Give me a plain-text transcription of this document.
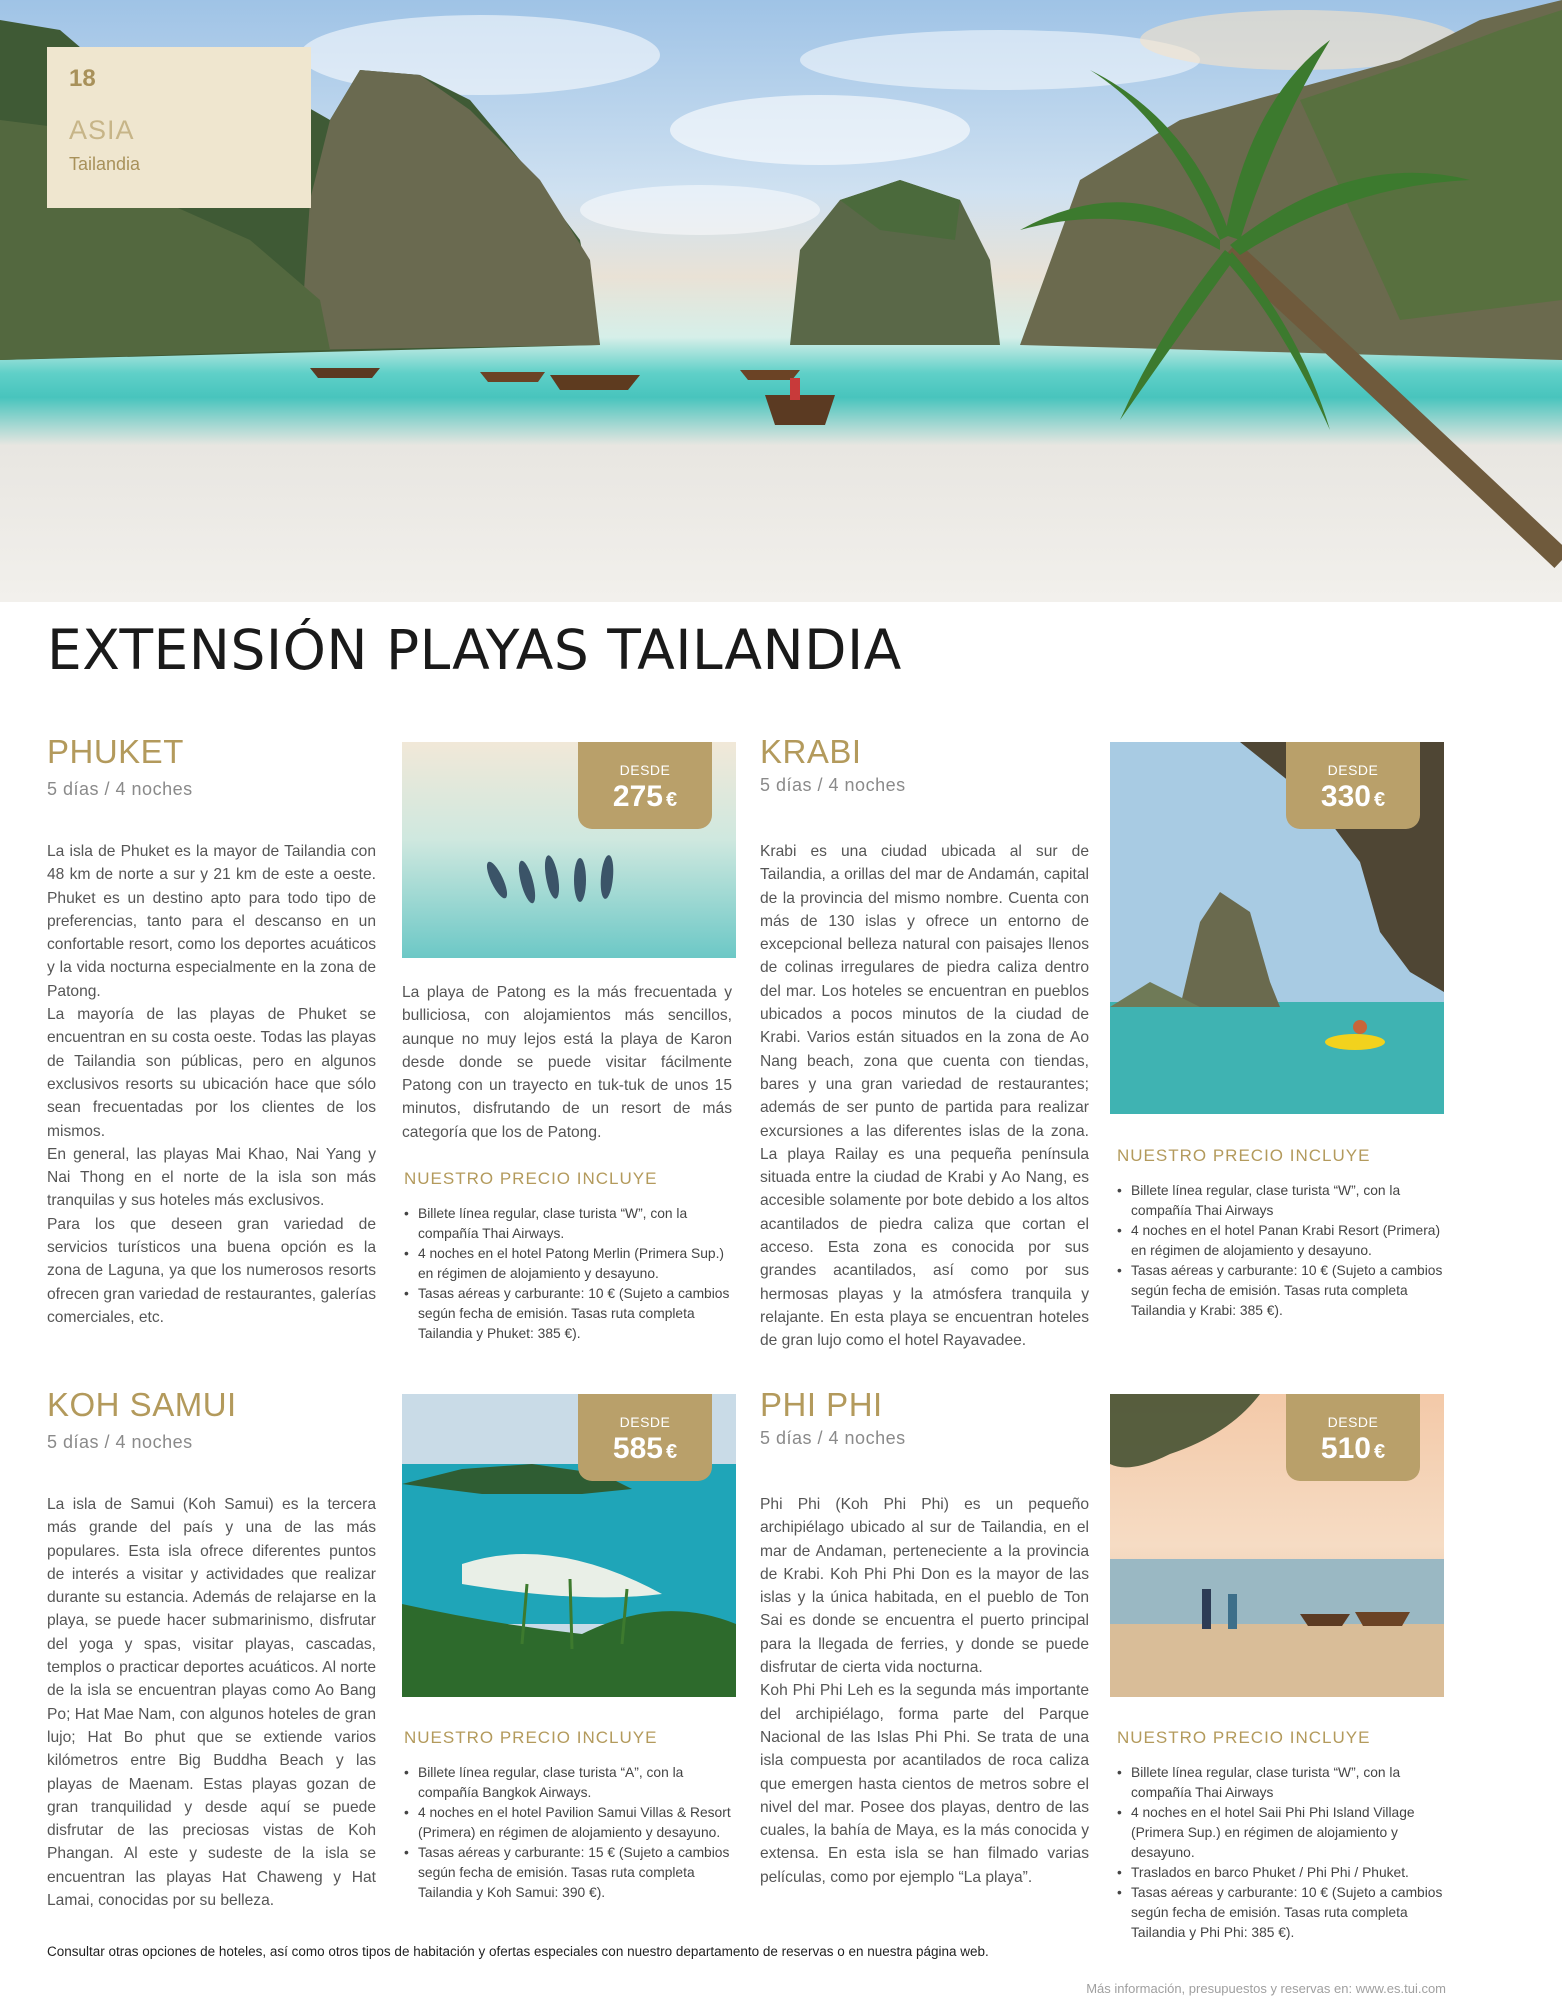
18
ASIA
Tailandia
EXTENSIÓN PLAYAS TAILANDIA
PHUKET
5 días / 4 noches

La isla de Phuket es la mayor de Tailandia con 48 km de norte a sur y 21 km de este a oeste. Phuket es un destino apto para todo tipo de preferencias, tanto para el descanso en un confortable resort, como los deportes acuáticos y la vida nocturna especialmente en la zona de Patong.

La mayoría de las playas de Phuket se encuentran en su costa oeste. Todas las playas de Tailandia son públicas, pero en algunos exclusivos resorts su ubicación hace que sólo sean frecuentadas por los clientes de los mismos.

En general, las playas Mai Khao, Nai Yang y Nai Thong en el norte de la isla son más tranquilas y sus hoteles más exclusivos.

Para los que deseen gran variedad de servicios turísticos una buena opción es la zona de Laguna, ya que los numerosos resorts ofrecen gran variedad de restaurantes, galerías comerciales, etc.

DESDE
275 €

La playa de Patong es la más frecuentada y bulliciosa, con alojamientos más sencillos, aunque no muy lejos está la playa de Karon desde donde se puede visitar fácilmente Patong con un trayecto en tuk-tuk de unos 15 minutos, disfrutando de un resort de más categoría que los de Patong.

NUESTRO PRECIO INCLUYE
• Billete línea regular, clase turista “W”, con la compañía Thai Airways.
• 4 noches en el hotel Patong Merlin (Primera Sup.) en régimen de alojamiento y desayuno.
• Tasas aéreas y carburante: 10 € (Sujeto a cambios según fecha de emisión. Tasas ruta completa Tailandia y Phuket: 385 €).
KRABI
5 días / 4 noches

Krabi es una ciudad ubicada al sur de Tailandia, a orillas del mar de Andamán, capital de la provincia del mismo nombre. Cuenta con más de 130 islas y ofrece un entorno de excepcional belleza natural con paisajes llenos de colinas irregulares de piedra caliza dentro del mar. Los hoteles se encuentran en pueblos ubicados a pocos minutos de la ciudad de Krabi. Varios están situados en la zona de Ao Nang beach, zona que cuenta con tiendas, bares y una gran variedad de restaurantes; además de ser punto de partida para realizar excursiones a las diferentes islas de la zona. La playa Railay es una pequeña península situada entre la ciudad de Krabi y Ao Nang, es accesible solamente por bote debido a los altos acantilados de piedra caliza que cortan el acceso. Esta zona es conocida por sus grandes acantilados, así como por sus hermosas playas y la atmósfera tranquila y relajante. En esta playa se encuentran hoteles de gran lujo como el hotel Rayavadee.

DESDE
330 €
NUESTRO PRECIO INCLUYE
• Billete línea regular, clase turista “W”, con la compañía Thai Airways
• 4 noches en el hotel Panan Krabi Resort (Primera) en régimen de alojamiento y desayuno.
• Tasas aéreas y carburante: 10 € (Sujeto a cambios según fecha de emisión. Tasas ruta completa Tailandia y Krabi: 385 €).
KOH SAMUI
5 días / 4 noches

La isla de Samui (Koh Samui) es la tercera más grande del país y una de las más populares. Esta isla ofrece diferentes puntos de interés a visitar y actividades que realizar durante su estancia. Además de relajarse en la playa, se puede hacer submarinismo, disfrutar del yoga y spas, visitar playas, cascadas, templos o practicar deportes acuáticos. Al norte de la isla se encuentran playas como Ao Bang Po; Hat Mae Nam, con algunos hoteles de gran lujo; Hat Bo phut que se extiende varios kilómetros entre Big Buddha Beach y las playas de Maenam. Estas playas gozan de gran tranquilidad y desde aquí se puede disfrutar de las preciosas vistas de Koh Phangan. Al este y sudeste de la isla se encuentran las playas Hat Chaweng y Hat Lamai, conocidas por su belleza.

DESDE
585 €
NUESTRO PRECIO INCLUYE
• Billete línea regular, clase turista “A”, con la compañía Bangkok Airways.
• 4 noches en el hotel Pavilion Samui Villas & Resort (Primera) en régimen de alojamiento y desayuno.
• Tasas aéreas y carburante: 15 € (Sujeto a cambios según fecha de emisión. Tasas ruta completa Tailandia y Koh Samui: 390 €).
PHI PHI
5 días / 4 noches

Phi Phi (Koh Phi Phi) es un pequeño archipiélago ubicado al sur de Tailandia, en el mar de Andaman, perteneciente a la provincia de Krabi. Koh Phi Phi Don es la mayor de las islas y la única habitada, en el pueblo de Ton Sai es donde se encuentra el puerto principal para la llegada de ferries, y donde se puede disfrutar de cierta vida nocturna.

Koh Phi Phi Leh es la segunda más importante del archipiélago, forma parte del Parque Nacional de las Islas Phi Phi. Se trata de una isla compuesta por acantilados de roca caliza que emergen hasta cientos de metros sobre el nivel del mar. Posee dos playas, dentro de las cuales, la bahía de Maya, es la más conocida y extensa. En esta isla se han filmado varias películas, como por ejemplo “La playa”.

DESDE
510 €
NUESTRO PRECIO INCLUYE
• Billete línea regular, clase turista “W”, con la compañía Thai Airways
• 4 noches en el hotel Saii Phi Phi Island Village (Primera Sup.) en régimen de alojamiento y desayuno.
• Traslados en barco Phuket / Phi Phi / Phuket.
• Tasas aéreas y carburante: 10 € (Sujeto a cambios según fecha de emisión. Tasas ruta completa Tailandia y Phi Phi: 385 €).
Consultar otras opciones de hoteles, así como otros tipos de habitación y ofertas especiales con nuestro departamento de reservas o en nuestra página web.
Más información, presupuestos y reservas en: www.es.tui.com
